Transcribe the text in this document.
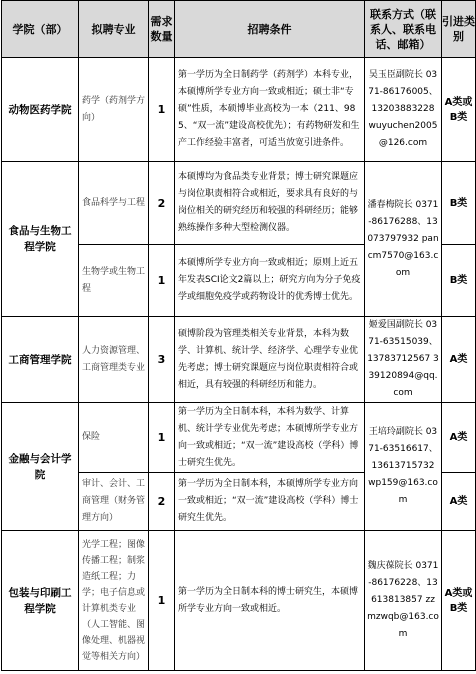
学院（部）	拟聘专业	需求数量	招聘条件	联系方式（联系人、联系电话、邮箱）	引进类别
动物医药学院	药学（药剂学方向）	1	第一学历为全日制药学（药剂学）本科专业，本硕博所学专业方向一致或相近；硕士非“专硕”性质，本硕博毕业高校为一本（211、985、“双一流”建设高校优先）；有药物研发和生产工作经验丰富者，可适当放宽引进条件。	吴玉臣副院长 0371-86176005、13203883228 wuyuchen2005@126.com	A类或B类
食品与生物工程学院	食品科学与工程	2	本硕博均为食品类专业背景；博士研究课题应与岗位职责相符合或相近，要求具有良好的与岗位相关的研究经历和较强的科研经历；能够熟练操作多种大型检测仪器。	潘春梅院长 0371-86176288、13073797932 pancm7570@163.com	B类
	生物学或生物工程	1	本硕博所学专业方向一致或相近；原则上近五年发表SCI论文2篇以上；研究方向为分子免疫学或细胞免疫学或药物设计的优秀博士优先。		B类
工商管理学院	人力资源管理、工商管理类专业	3	硕博阶段为管理类相关专业背景，本科为数学、计算机、统计学、经济学、心理学专业优先考虑；博士研究课题应与岗位职责相符合或相近，具有较强的科研经历和能力。	姬爱国副院长 0371-63515039、13783712567 339120894@qq.com	A类
金融与会计学院	保险	1	第一学历为全日制本科，本科为数学、计算机、统计学专业优先考虑；本硕博所学专业方向一致或相近；“双一流”建设高校（学科）博士研究生优先。	王培玲副院长 0371-63516617、13613715732 wp159@163.com	A类
	审计、会计、工商管理（财务管理方向）	2	第一学历为全日制本科，本硕博所学专业方向一致或相近；“双一流”建设高校（学科）博士研究生优先。		A类
包装与印刷工程学院	光学工程；图像传播工程；制浆造纸工程；力学；电子信息或计算机类专业（人工智能、图像处理、机器视觉等相关方向）	1	第一学历为全日制本科的博士研究生，本硕博所学专业方向一致或相近。	魏庆葆院长 0371-86176228、13613813857 zzmzwqb@163.com	A类或B类
